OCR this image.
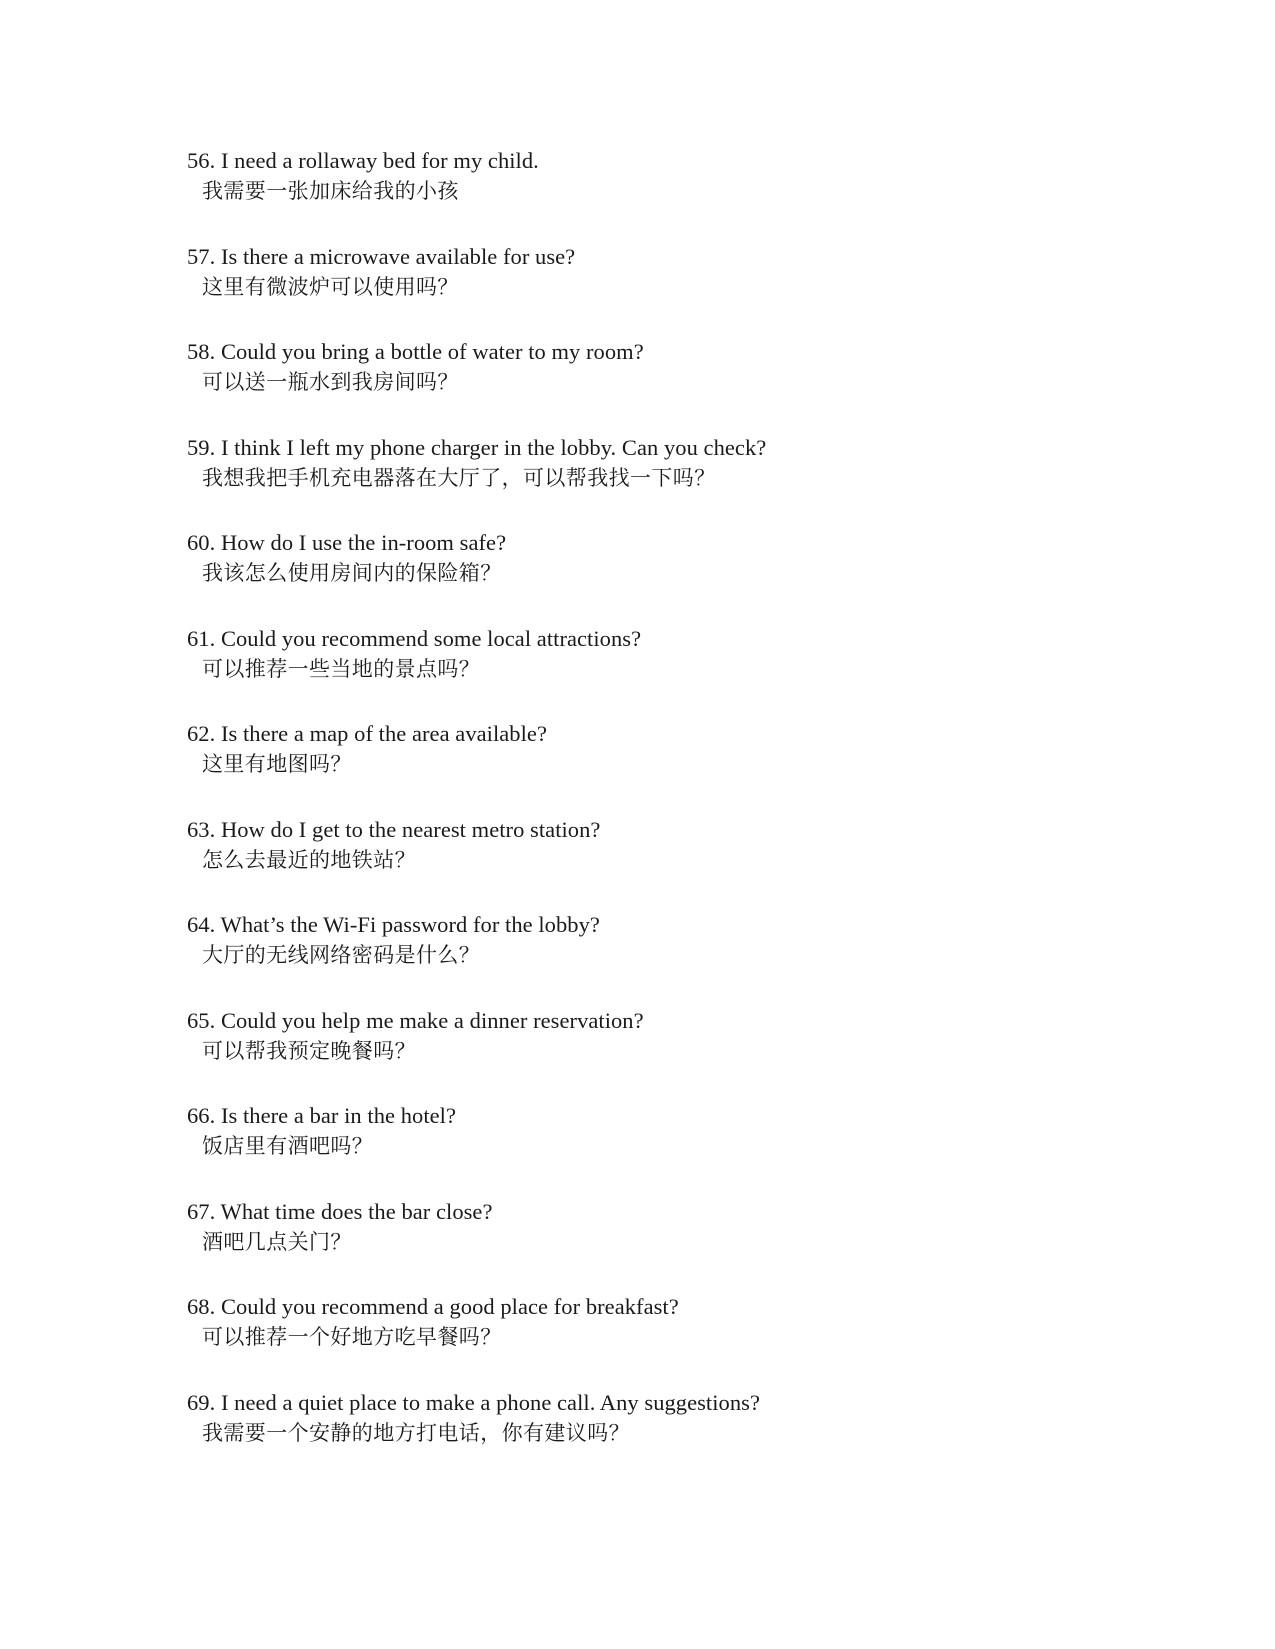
56. I need a rollaway bed for my child.
我需要一张加床给我的小孩
57. Is there a microwave available for use?
这里有微波炉可以使用吗？
58. Could you bring a bottle of water to my room?
可以送一瓶水到我房间吗？
59. I think I left my phone charger in the lobby. Can you check?
我想我把手机充电器落在大厅了，可以帮我找一下吗？
60. How do I use the in-room safe?
我该怎么使用房间内的保险箱？
61. Could you recommend some local attractions?
可以推荐一些当地的景点吗？
62. Is there a map of the area available?
这里有地图吗？
63. How do I get to the nearest metro station?
怎么去最近的地铁站？
64. What’s the Wi-Fi password for the lobby?
大厅的无线网络密码是什么？
65. Could you help me make a dinner reservation?
可以帮我预定晚餐吗？
66. Is there a bar in the hotel?
饭店里有酒吧吗？
67. What time does the bar close?
酒吧几点关门？
68. Could you recommend a good place for breakfast?
可以推荐一个好地方吃早餐吗？
69. I need a quiet place to make a phone call. Any suggestions?
我需要一个安静的地方打电话，你有建议吗？
